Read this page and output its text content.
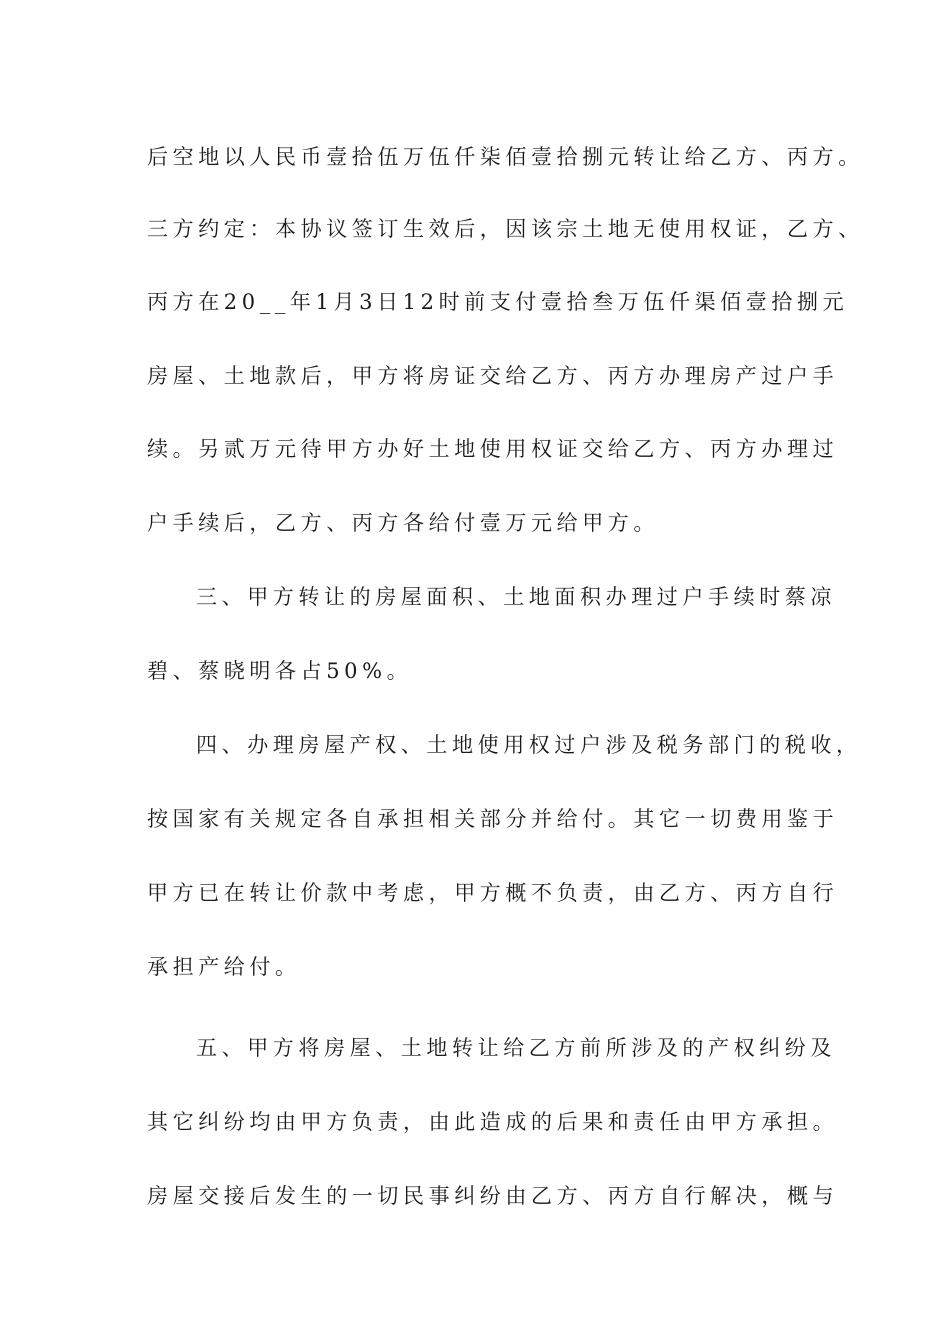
后空地以人民币壹拾伍万伍仟柒佰壹拾捌元转让给乙方、丙方。
三方约定：本协议签订生效后，因该宗土地无使用权证，乙方、
丙方在20__年1月3日12时前支付壹拾叁万伍仟渠佰壹拾捌元
房屋、土地款后，甲方将房证交给乙方、丙方办理房产过户手
续。另贰万元待甲方办好土地使用权证交给乙方、丙方办理过
户手续后，乙方、丙方各给付壹万元给甲方。
三、甲方转让的房屋面积、土地面积办理过户手续时蔡凉
碧、蔡晓明各占50%。
四、办理房屋产权、土地使用权过户涉及税务部门的税收，
按国家有关规定各自承担相关部分并给付。其它一切费用鉴于
甲方已在转让价款中考虑，甲方概不负责，由乙方、丙方自行
承担产给付。
五、甲方将房屋、土地转让给乙方前所涉及的产权纠纷及
其它纠纷均由甲方负责，由此造成的后果和责任由甲方承担。
房屋交接后发生的一切民事纠纷由乙方、丙方自行解决，概与
